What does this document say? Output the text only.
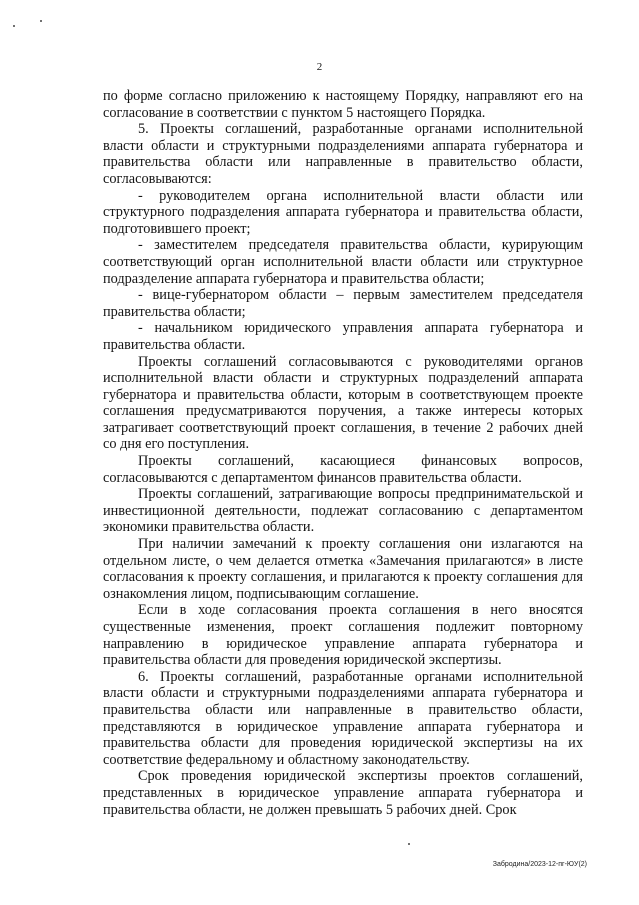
2

по форме согласно приложению к настоящему Порядку, направляют его на согласование в соответствии с пунктом 5 настоящего Порядка.

5. Проекты соглашений, разработанные органами исполнительной власти области и структурными подразделениями аппарата губернатора и правительства области или направленные в правительство области, согласовываются:

- руководителем органа исполнительной власти области или структурного подразделения аппарата губернатора и правительства области, подготовившего проект;

- заместителем председателя правительства области, курирующим соответствующий орган исполнительной власти области или структурное подразделение аппарата губернатора и правительства области;

- вице-губернатором области – первым заместителем председателя правительства области;

- начальником юридического управления аппарата губернатора и правительства области.

Проекты соглашений согласовываются с руководителями органов исполнительной власти области и структурных подразделений аппарата губернатора и правительства области, которым в соответствующем проекте соглашения предусматриваются поручения, а также интересы которых затрагивает соответствующий проект соглашения, в течение 2 рабочих дней со дня его поступления.

Проекты соглашений, касающиеся финансовых вопросов, согласовываются с департаментом финансов правительства области.

Проекты соглашений, затрагивающие вопросы предпринимательской и инвестиционной деятельности, подлежат согласованию с департаментом экономики правительства области.

При наличии замечаний к проекту соглашения они излагаются на отдельном листе, о чем делается отметка «Замечания прилагаются» в листе согласования к проекту соглашения, и прилагаются к проекту соглашения для ознакомления лицом, подписывающим соглашение.

Если в ходе согласования проекта соглашения в него вносятся существенные изменения, проект соглашения подлежит повторному направлению в юридическое управление аппарата губернатора и правительства области для проведения юридической экспертизы.

6. Проекты соглашений, разработанные органами исполнительной власти области и структурными подразделениями аппарата губернатора и правительства области или направленные в правительство области, представляются в юридическое управление аппарата губернатора и правительства области для проведения юридической экспертизы на их соответствие федеральному и областному законодательству.

Срок проведения юридической экспертизы проектов соглашений, представленных в юридическое управление аппарата губернатора и правительства области, не должен превышать 5 рабочих дней. Срок

Забродина/2023-12-пг-ЮУ(2)
